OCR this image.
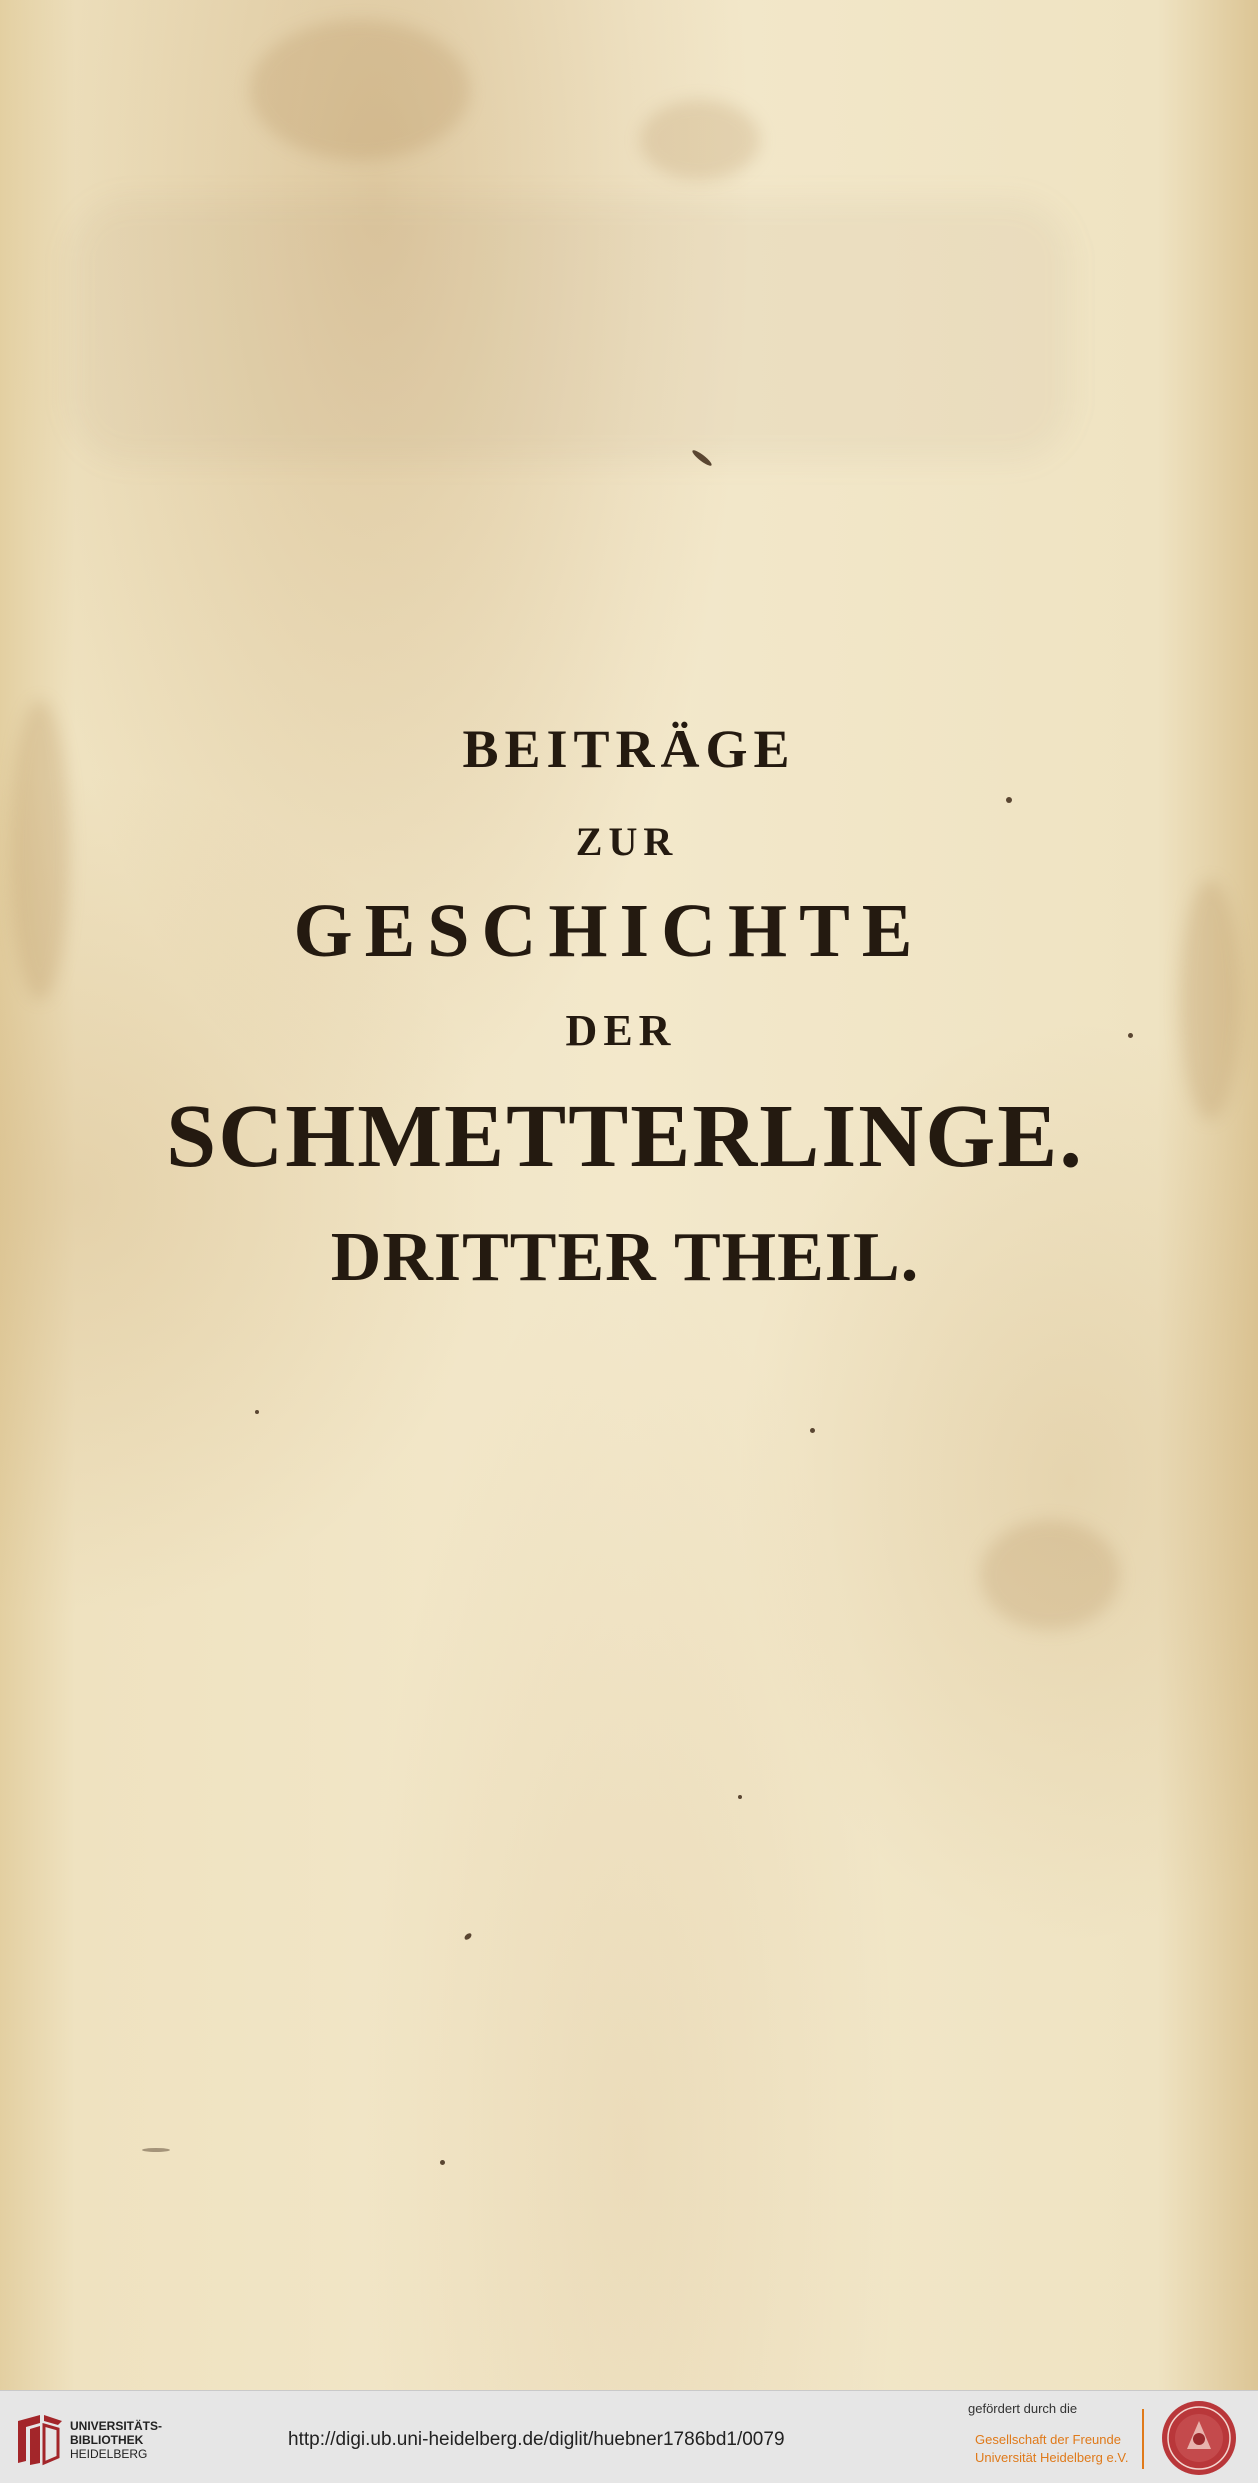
BEITRÄGE
ZUR
GESCHICHTE
DER
SCHMETTERLINGE.
DRITTER THEIL.
UNIVERSITÄTS-
BIBLIOTHEK
HEIDELBERG
http://digi.ub.uni-heidelberg.de/diglit/huebner1786bd1/0079
gefördert durch die
Gesellschaft der Freunde
Universität Heidelberg e.V.
